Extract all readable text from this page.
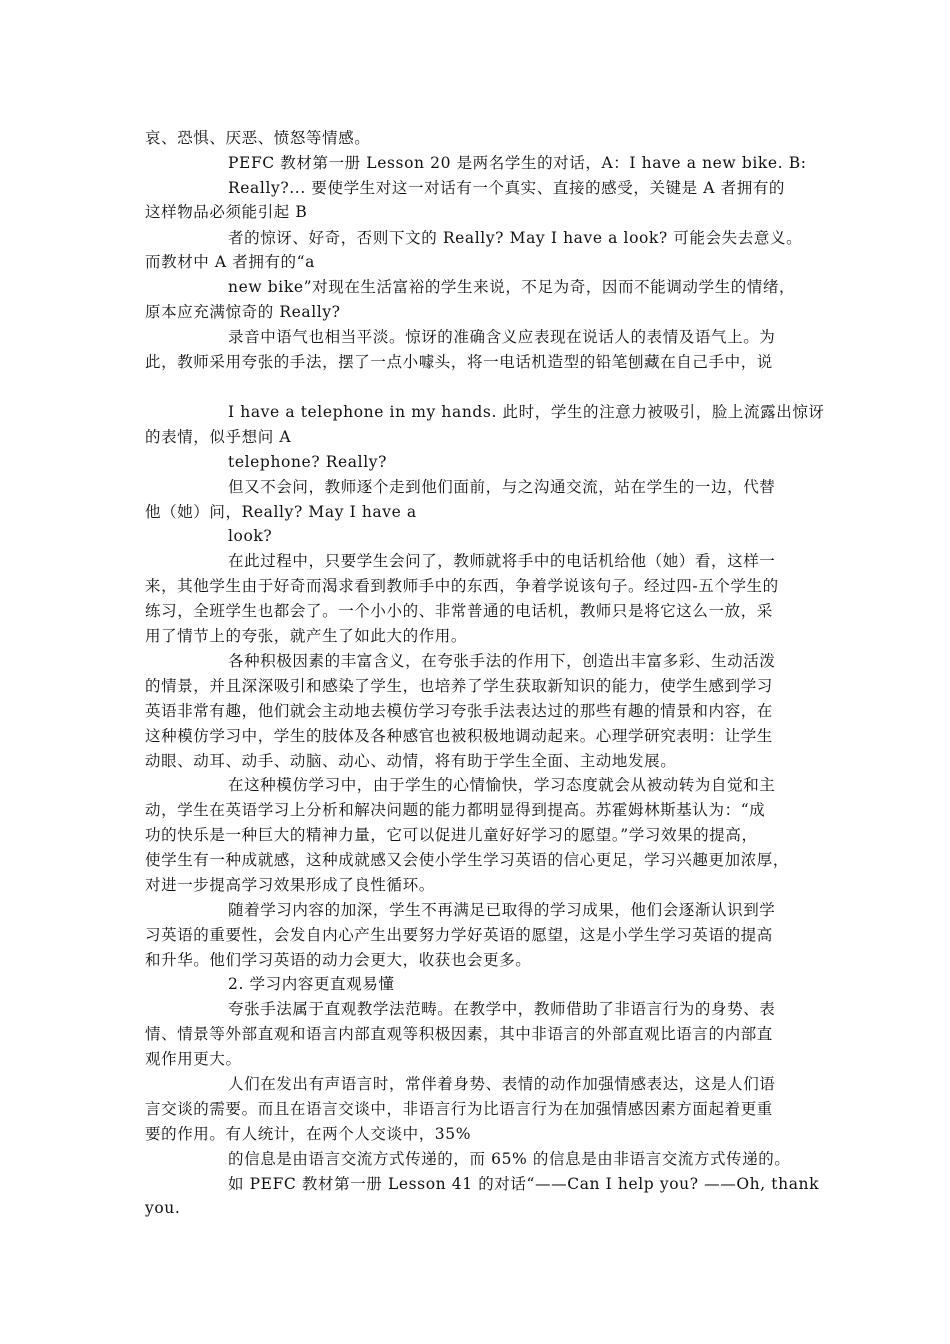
哀、恐惧、厌恶、愤怒等情感。
PEFC 教材第一册 Lesson 20 是两名学生的对话，A：I have a new bike. B:
Really?... 要使学生对这一对话有一个真实、直接的感受，关键是 A 者拥有的
这样物品必须能引起 B
者的惊讶、好奇，否则下文的 Really? May I have a look? 可能会失去意义。
而教材中 A 者拥有的“a
new bike”对现在生活富裕的学生来说，不足为奇，因而不能调动学生的情绪，
原本应充满惊奇的 Really?
录音中语气也相当平淡。惊讶的准确含义应表现在说话人的表情及语气上。为
此，教师采用夸张的手法，摆了一点小噱头，将一电话机造型的铅笔刨藏在自己手中，说
I have a telephone in my hands. 此时，学生的注意力被吸引，脸上流露出惊讶
的表情，似乎想问 A
telephone? Really?
但又不会问，教师逐个走到他们面前，与之沟通交流，站在学生的一边，代替
他（她）问，Really? May I have a
look?
在此过程中，只要学生会问了，教师就将手中的电话机给他（她）看，这样一
来，其他学生由于好奇而渴求看到教师手中的东西，争着学说该句子。经过四-五个学生的
练习，全班学生也都会了。一个小小的、非常普通的电话机，教师只是将它这么一放，采
用了情节上的夸张，就产生了如此大的作用。
各种积极因素的丰富含义，在夸张手法的作用下，创造出丰富多彩、生动活泼
的情景，并且深深吸引和感染了学生，也培养了学生获取新知识的能力，使学生感到学习
英语非常有趣，他们就会主动地去模仿学习夸张手法表达过的那些有趣的情景和内容，在
这种模仿学习中，学生的肢体及各种感官也被积极地调动起来。心理学研究表明：让学生
动眼、动耳、动手、动脑、动心、动情，将有助于学生全面、主动地发展。
在这种模仿学习中，由于学生的心情愉快，学习态度就会从被动转为自觉和主
动，学生在英语学习上分析和解决问题的能力都明显得到提高。苏霍姆林斯基认为：“成
功的快乐是一种巨大的精神力量，它可以促进儿童好好学习的愿望。”学习效果的提高，
使学生有一种成就感，这种成就感又会使小学生学习英语的信心更足，学习兴趣更加浓厚，
对进一步提高学习效果形成了良性循环。
随着学习内容的加深，学生不再满足已取得的学习成果，他们会逐渐认识到学
习英语的重要性，会发自内心产生出要努力学好英语的愿望，这是小学生学习英语的提高
和升华。他们学习英语的动力会更大，收获也会更多。
2. 学习内容更直观易懂
夸张手法属于直观教学法范畴。在教学中，教师借助了非语言行为的身势、表
情、情景等外部直观和语言内部直观等积极因素，其中非语言的外部直观比语言的内部直
观作用更大。
人们在发出有声语言时，常伴着身势、表情的动作加强情感表达，这是人们语
言交谈的需要。而且在语言交谈中，非语言行为比语言行为在加强情感因素方面起着更重
要的作用。有人统计，在两个人交谈中，35%
的信息是由语言交流方式传递的，而 65% 的信息是由非语言交流方式传递的。
如 PEFC 教材第一册 Lesson 41 的对话“——Can I help you? ——Oh, thank
you.
